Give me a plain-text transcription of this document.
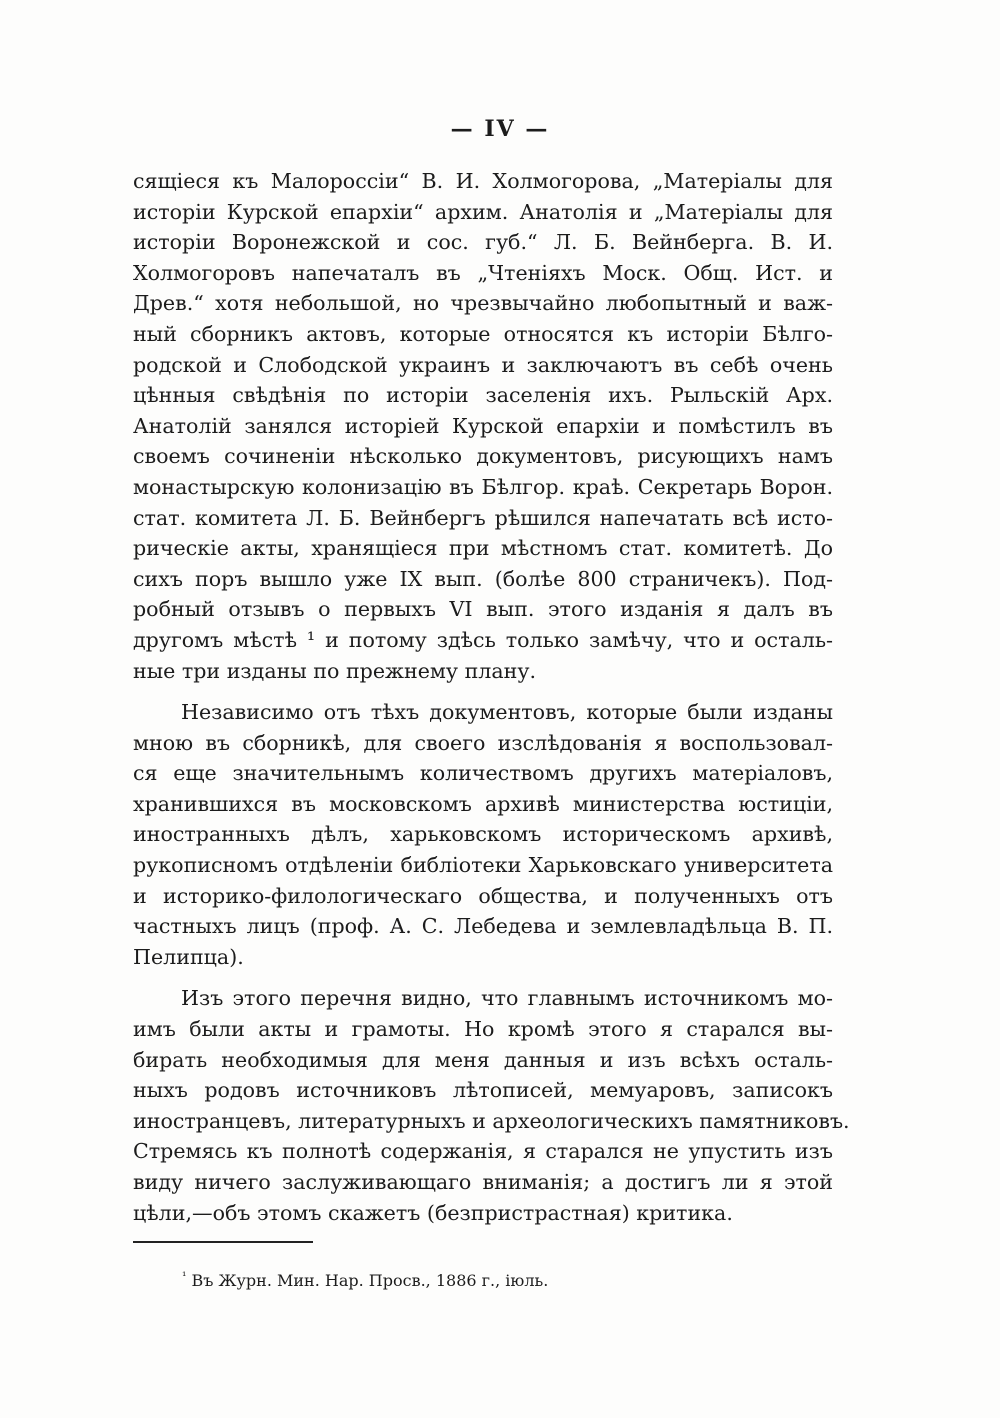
— IV —
сящіеся къ Малороссіи“ В. И. Холмогорова, „Матеріалы для
исторіи Курской епархіи“ архим. Анатолія и „Матеріалы для
исторіи Воронежской и сос. губ.“ Л. Б. Вейнберга. В. И.
Холмогоровъ напечаталъ въ „Чтеніяхъ Моск. Общ. Ист. и
Древ.“ хотя небольшой, но чрезвычайно любопытный и важ-
ный сборникъ актовъ, которые относятся къ исторіи Бѣлго-
родской и Слободской украинъ и заключаютъ въ себѣ очень
цѣнныя свѣдѣнія по исторіи заселенія ихъ. Рыльскій Арх.
Анатолій занялся исторіей Курской епархіи и помѣстилъ въ
своемъ сочиненіи нѣсколько документовъ, рисующихъ намъ
монастырскую колонизацію въ Бѣлгор. краѣ. Секретарь Ворон.
стат. комитета Л. Б. Вейнбергъ рѣшился напечатать всѣ исто-
рическіе акты, хранящіеся при мѣстномъ стат. комитетѣ. До
сихъ поръ вышло уже IX вып. (болѣе 800 страничекъ). Под-
робный отзывъ о первыхъ VI вып. этого изданія я далъ въ
другомъ мѣстѣ ¹ и потому здѣсь только замѣчу, что и осталь-
ные три изданы по прежнему плану.
Независимо отъ тѣхъ документовъ, которые были изданы
мною въ сборникѣ, для своего изслѣдованія я воспользовал-
ся еще значительнымъ количествомъ другихъ матеріаловъ,
хранившихся въ московскомъ архивѣ министерства юстиціи,
иностранныхъ дѣлъ, харьковскомъ историческомъ архивѣ,
рукописномъ отдѣленіи библіотеки Харьковскаго университета
и историко-филологическаго общества, и полученныхъ отъ
частныхъ лицъ (проф. А. С. Лебедева и землевладѣльца В. П.
Пелипца).
Изъ этого перечня видно, что главнымъ источникомъ мо-
имъ были акты и грамоты. Но кромѣ этого я старался вы-
бирать необходимыя для меня данныя и изъ всѣхъ осталь-
ныхъ родовъ источниковъ лѣтописей, мемуаровъ, записокъ
иностранцевъ, литературныхъ и археологическихъ памятниковъ.
Стремясь къ полнотѣ содержанія, я старался не упустить изъ
виду ничего заслуживающаго вниманія; а достигъ ли я этой
цѣли,—объ этомъ скажетъ (безпристрастная) критика.
$^{^1}$ Въ Журн. Мин. Нар. Просв., 1886 г., іюль.
